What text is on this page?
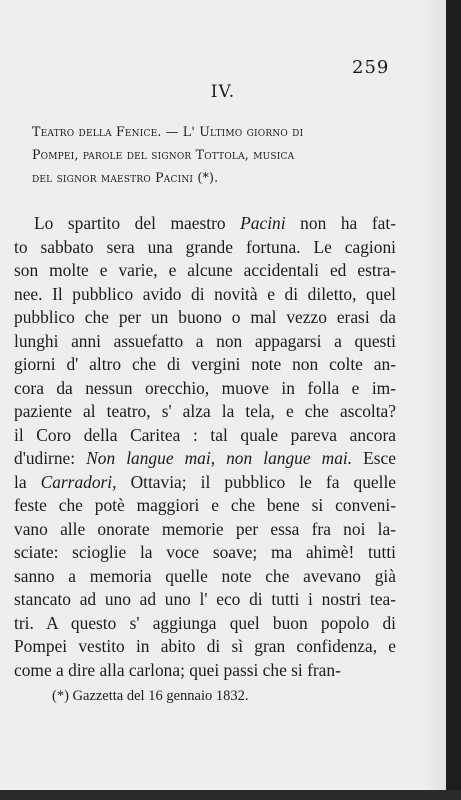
259
IV.
Teatro della Fenice. — L' Ultimo giorno di
Pompei, parole del signor Tottola, musica
del signor maestro Pacini (*).
Lo spartito del maestro Pacini non ha fat-
to sabbato sera una grande fortuna. Le cagioni
son molte e varie, e alcune accidentali ed estra-
nee. Il pubblico avido di novità e di diletto, quel
pubblico che per un buono o mal vezzo erasi da
lunghi anni assuefatto a non appagarsi a questi
giorni d' altro che di vergini note non colte an-
cora da nessun orecchio, muove in folla e im-
paziente al teatro, s' alza la tela, e che ascolta?
il Coro della Caritea : tal quale pareva ancora
d'udirne: Non langue mai, non langue mai. Esce
la Carradori, Ottavia; il pubblico le fa quelle
feste che potè maggiori e che bene si conveni-
vano alle onorate memorie per essa fra noi la-
sciate: scioglie la voce soave; ma ahimè! tutti
sanno a memoria quelle note che avevano già
stancato ad uno ad uno l' eco di tutti i nostri tea-
tri. A questo s' aggiunga quel buon popolo di
Pompei vestito in abito di sì gran confidenza, e
come a dire alla carlona; quei passi che si fran-
(*) Gazzetta del 16 gennaio 1832.
